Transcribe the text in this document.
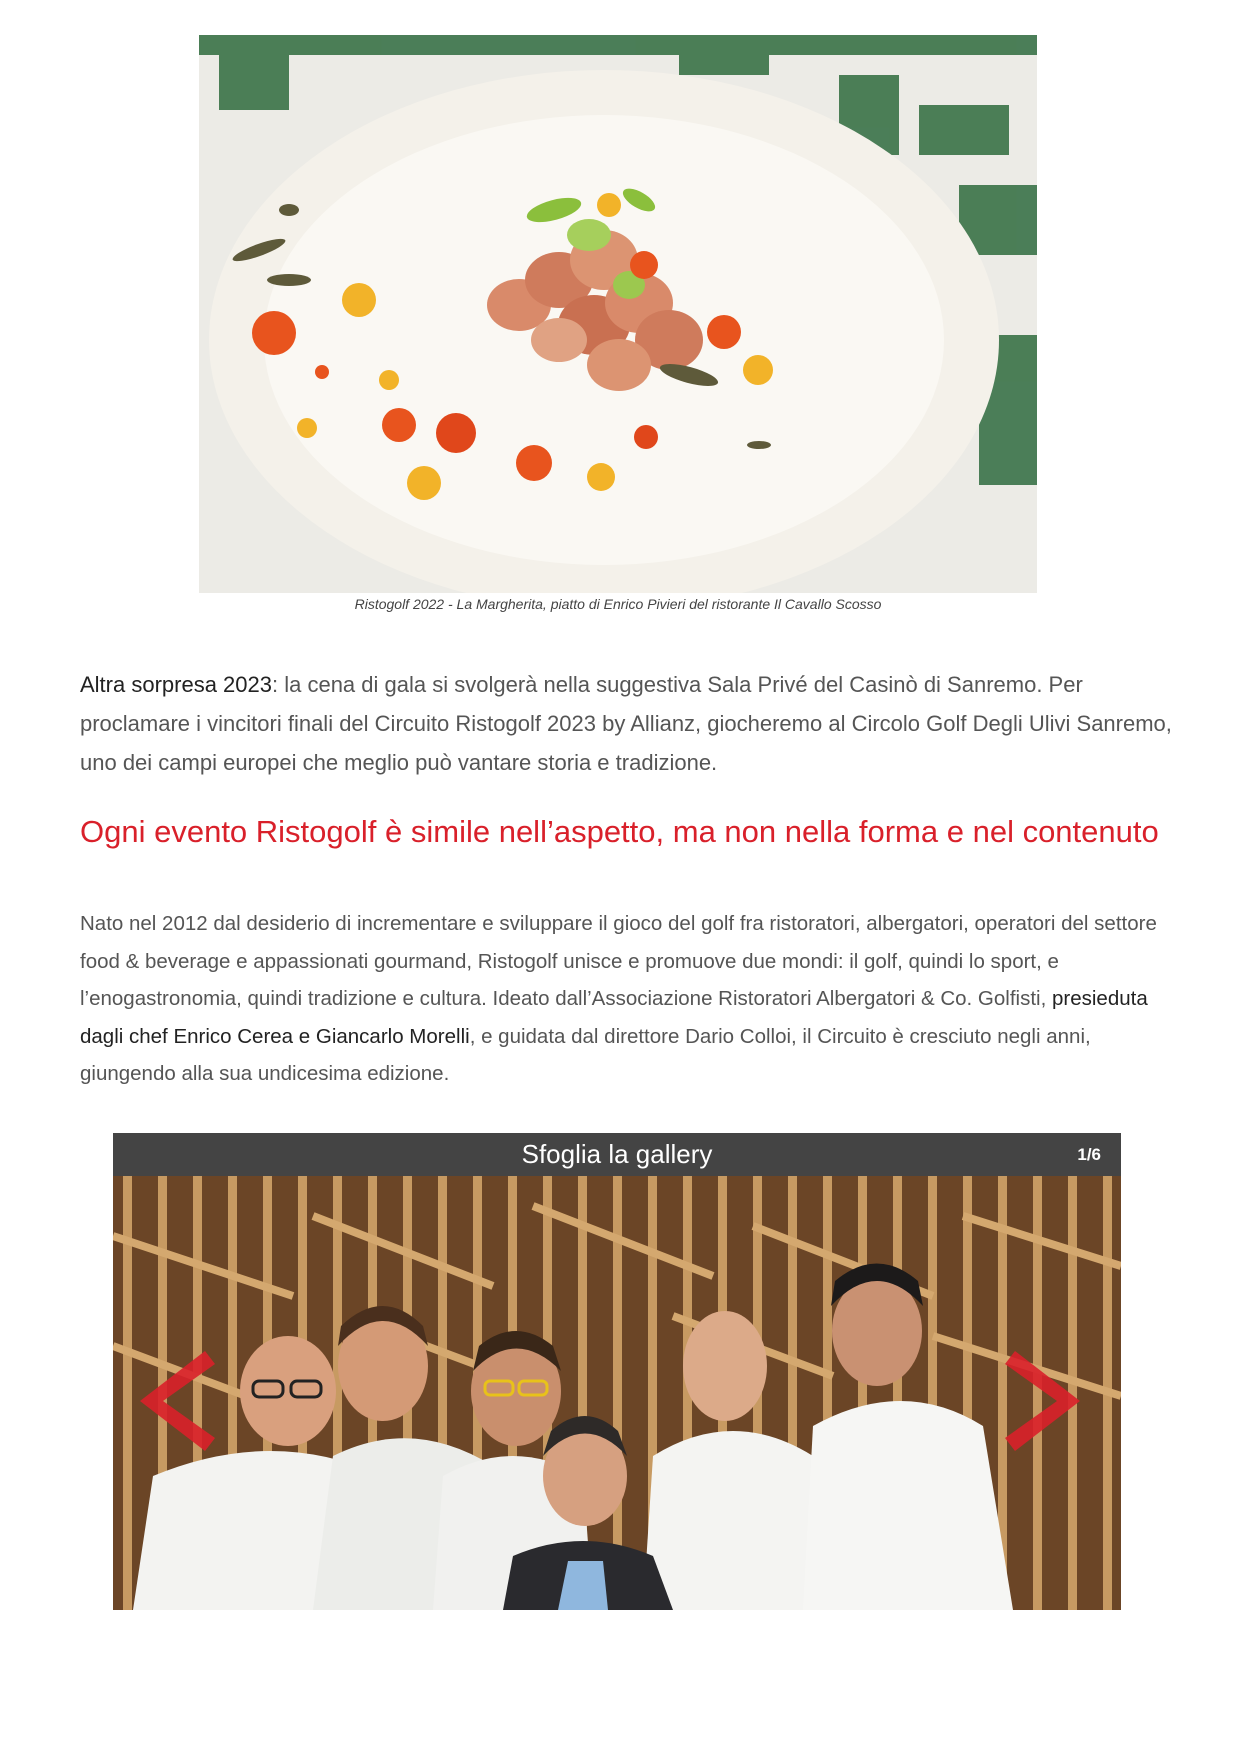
Ristogolf 2022 - La Margherita, piatto di Enrico Pivieri del ristorante Il Cavallo Scosso

Altra sorpresa 2023: la cena di gala si svolgerà nella suggestiva Sala Privé del Casinò di Sanremo. Per proclamare i vincitori finali del Circuito Ristogolf 2023 by Allianz, giocheremo al Circolo Golf Degli Ulivi Sanremo, uno dei campi europei che meglio può vantare storia e tradizione.

Ogni evento Ristogolf è simile nell’aspetto, ma non nella forma e nel contenuto

Nato nel 2012 dal desiderio di incrementare e sviluppare il gioco del golf fra ristoratori, albergatori, operatori del settore food & beverage e appassionati gourmand, Ristogolf unisce e promuove due mondi: il golf, quindi lo sport, e l’enogastronomia, quindi tradizione e cultura. Ideato dall’Associazione Ristoratori Albergatori & Co. Golfisti, presieduta dagli chef Enrico Cerea e Giancarlo Morelli, e guidata dal direttore Dario Colloi, il Circuito è cresciuto negli anni, giungendo alla sua undicesima edizione.

Sfoglia la gallery	1/6
